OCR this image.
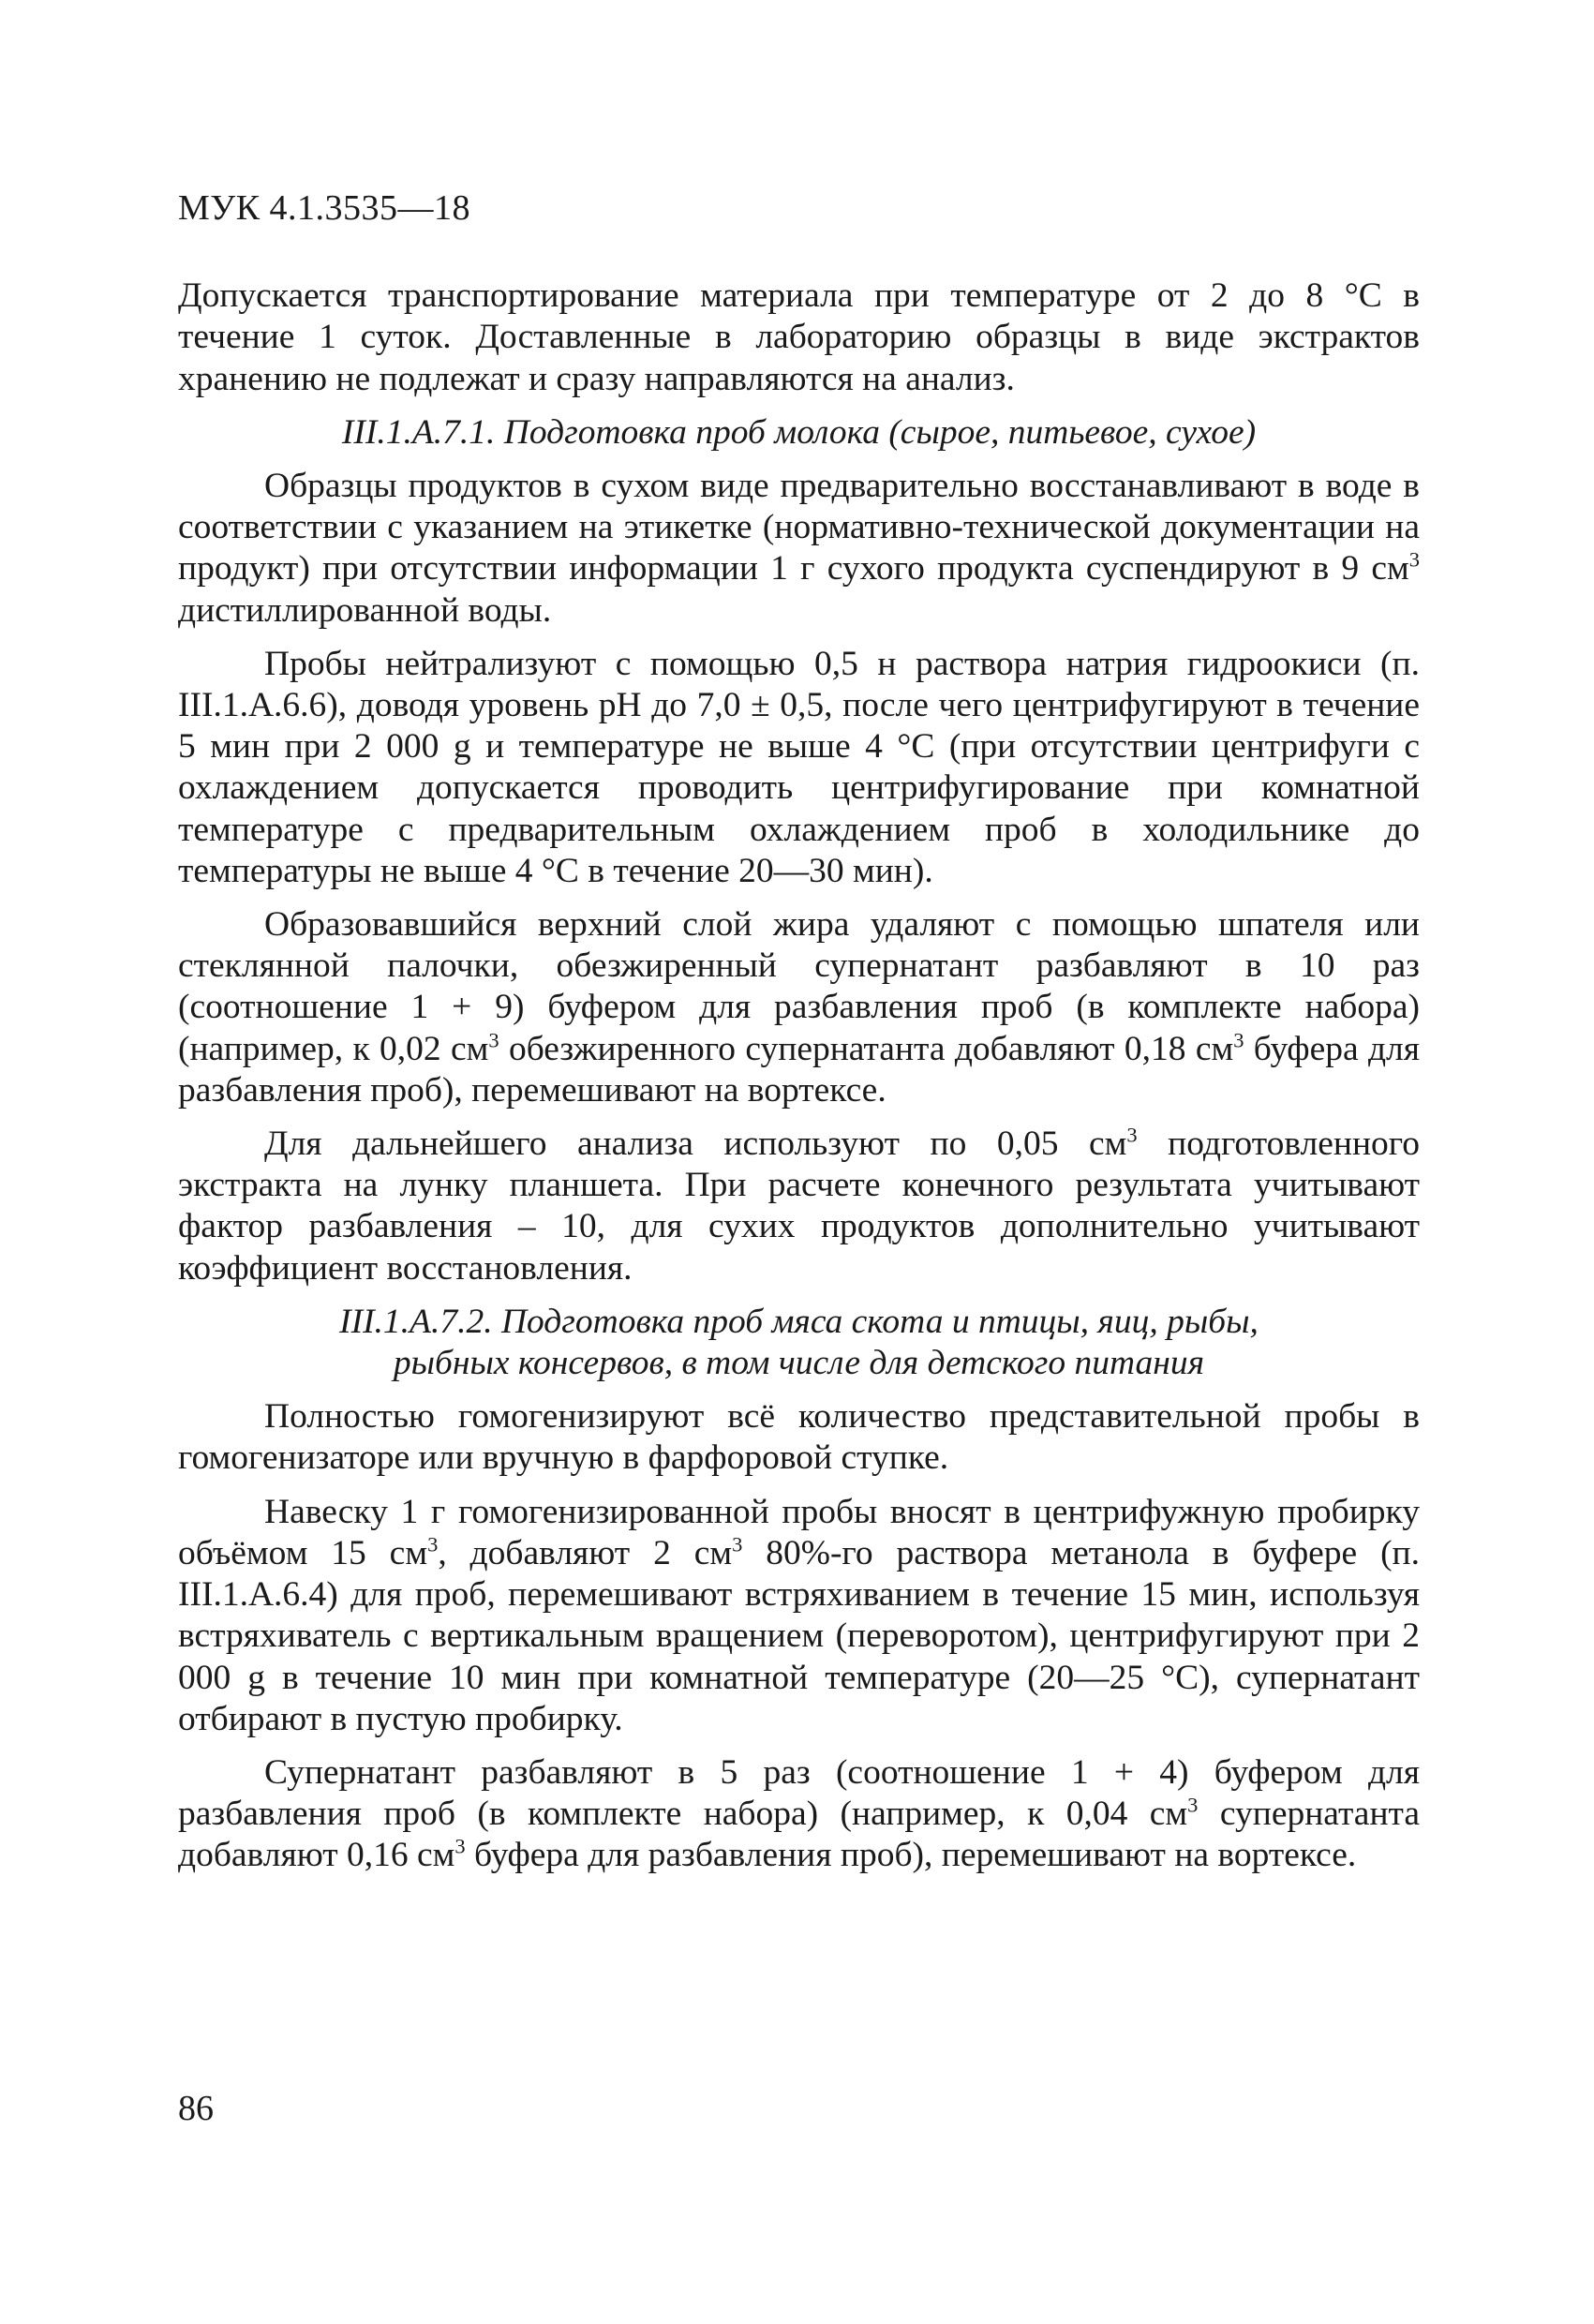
МУК 4.1.3535—18

Допускается транспортирование материала при температуре от 2 до 8 °С в течение 1 суток. Доставленные в лабораторию образцы в виде экстрактов хранению не подлежат и сразу направляются на анализ.

III.1.А.7.1. Подготовка проб молока (сырое, питьевое, сухое)

Образцы продуктов в сухом виде предварительно восстанавливают в воде в соответствии с указанием на этикетке (нормативно-технической документации на продукт) при отсутствии информации 1 г сухого продукта суспендируют в 9 $см^3$ дистиллированной воды.

Пробы нейтрализуют с помощью 0,5 н раствора натрия гидроокиси (п. III.1.А.6.6), доводя уровень рН до 7,0 ± 0,5, после чего центрифугируют в течение 5 мин при 2 000 g и температуре не выше 4 °С (при отсутствии центрифуги с охлаждением допускается проводить центрифугирование при комнатной температуре с предварительным охлаждением проб в холодильнике до температуры не выше 4 °С в течение 20—30 мин).

Образовавшийся верхний слой жира удаляют с помощью шпателя или стеклянной палочки, обезжиренный супернатант разбавляют в 10 раз (соотношение 1 + 9) буфером для разбавления проб (в комплекте набора) (например, к 0,02 $см^3$ обезжиренного супернатанта добавляют 0,18 $см^3$ буфера для разбавления проб), перемешивают на вортексе.

Для дальнейшего анализа используют по 0,05 $см^3$ подготовленного экстракта на лунку планшета. При расчете конечного результата учитывают фактор разбавления – 10, для сухих продуктов дополнительно учитывают коэффициент восстановления.

III.1.А.7.2. Подготовка проб мяса скота и птицы, яиц, рыбы,
рыбных консервов, в том числе для детского питания

Полностью гомогенизируют всё количество представительной пробы в гомогенизаторе или вручную в фарфоровой ступке.

Навеску 1 г гомогенизированной пробы вносят в центрифужную пробирку объёмом 15 $см^3$, добавляют 2 $см^3$ 80%-го раствора метанола в буфере (п. III.1.А.6.4) для проб, перемешивают встряхиванием в течение 15 мин, используя встряхиватель с вертикальным вращением (переворотом), центрифугируют при 2 000 g в течение 10 мин при комнатной температуре (20—25 °С), супернатант отбирают в пустую пробирку.

Супернатант разбавляют в 5 раз (соотношение 1 + 4) буфером для разбавления проб (в комплекте набора) (например, к 0,04 $см^3$ супернатанта добавляют 0,16 $см^3$ буфера для разбавления проб), перемешивают на вортексе.

86
